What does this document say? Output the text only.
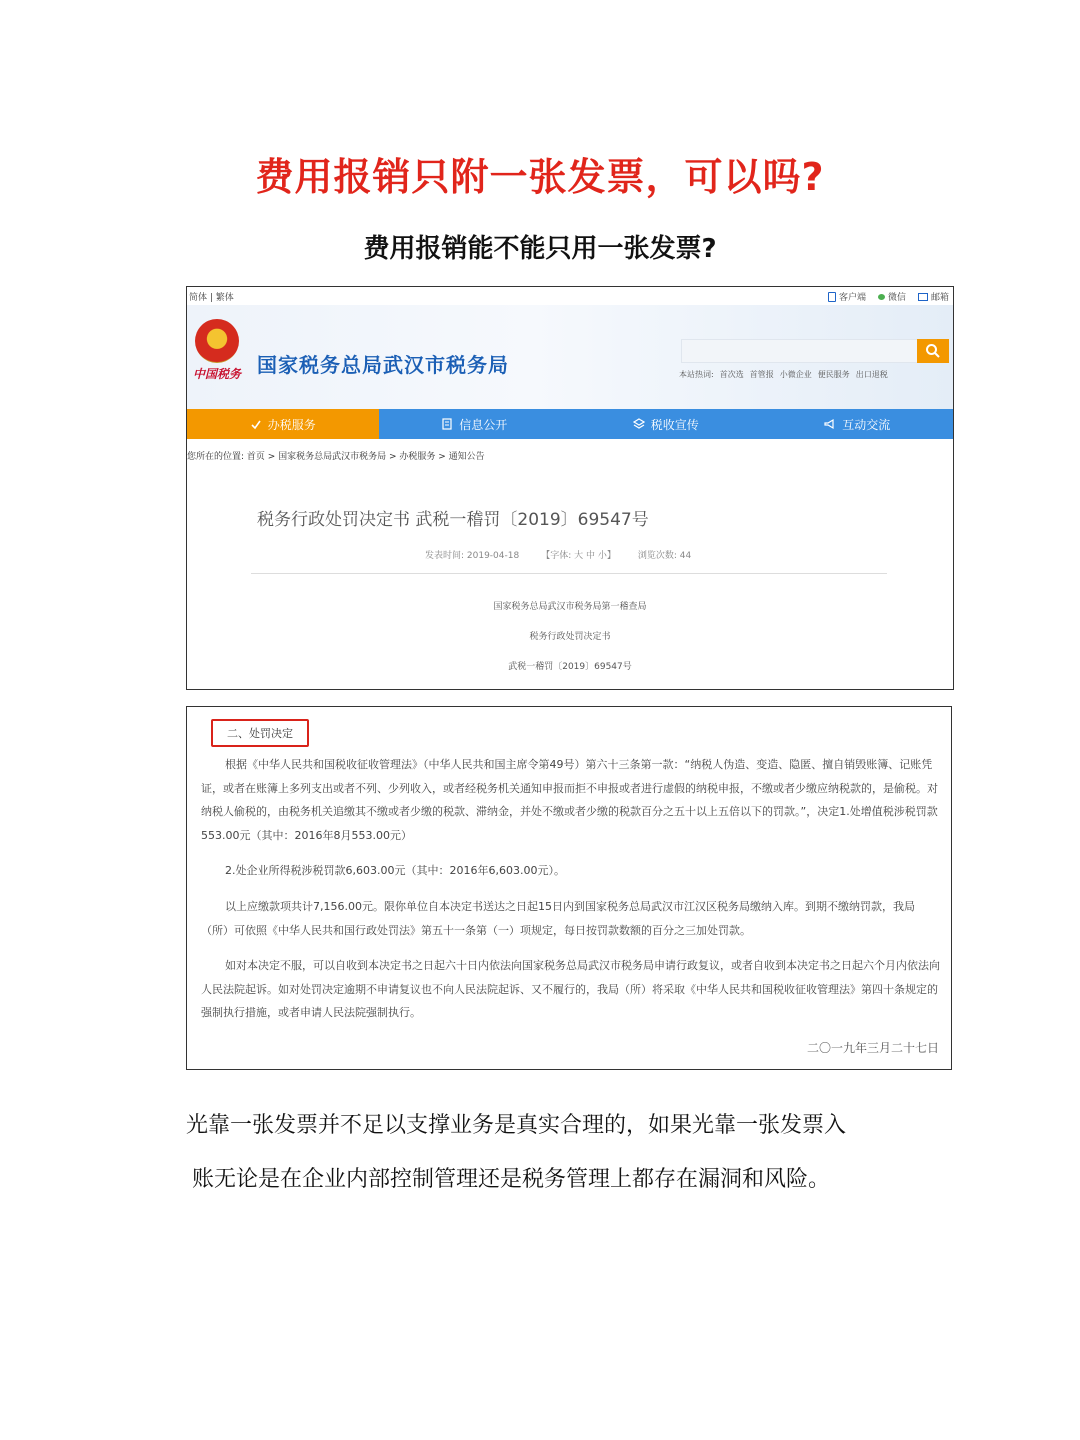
费用报销只附一张发票，可以吗?
费用报销能不能只用一张发票?
简体 | 繁体	客户端 微信	邮箱
中国税务 国家税务总局武汉市税务局	本站热词: 首次选 首管报 小微企业 便民服务 出口退税
办税服务	信息公开	税收宣传	互动交流
您所在的位置: 首页 > 国家税务总局武汉市税务局 > 办税服务 > 通知公告
税务行政处罚决定书 武税一稽罚〔2019〕69547号
发表时间: 2019-04-18 【字体: 大 中 小】 浏览次数: 44
国家税务总局武汉市税务局第一稽查局
税务行政处罚决定书
武税一稽罚〔2019〕69547号
二、处罚决定
根据《中华人民共和国税收征收管理法》（中华人民共和国主席令第49号）第六十三条第一款：“纳税人伪造、变造、隐匿、擅自销毁账簿、记账凭证，或者在账簿上多列支出或者不列、少列收入，或者经税务机关通知申报而拒不申报或者进行虚假的纳税申报，不缴或者少缴应纳税款的，是偷税。对纳税人偷税的，由税务机关追缴其不缴或者少缴的税款、滞纳金，并处不缴或者少缴的税款百分之五十以上五倍以下的罚款。”，决定1.处增值税涉税罚款553.00元（其中：2016年8月553.00元）
2.处企业所得税涉税罚款6,603.00元（其中：2016年6,603.00元）。
以上应缴款项共计7,156.00元。限你单位自本决定书送达之日起15日内到国家税务总局武汉市江汉区税务局缴纳入库。到期不缴纳罚款，我局（所）可依照《中华人民共和国行政处罚法》第五十一条第（一）项规定，每日按罚款数额的百分之三加处罚款。
如对本决定不服，可以自收到本决定书之日起六十日内依法向国家税务总局武汉市税务局申请行政复议，或者自收到本决定书之日起六个月内依法向人民法院起诉。如对处罚决定逾期不申请复议也不向人民法院起诉、又不履行的，我局（所）将采取《中华人民共和国税收征收管理法》第四十条规定的强制执行措施，或者申请人民法院强制执行。
二〇一九年三月二十七日
光靠一张发票并不足以支撑业务是真实合理的，如果光靠一张发票入
账无论是在企业内部控制管理还是税务管理上都存在漏洞和风险。
